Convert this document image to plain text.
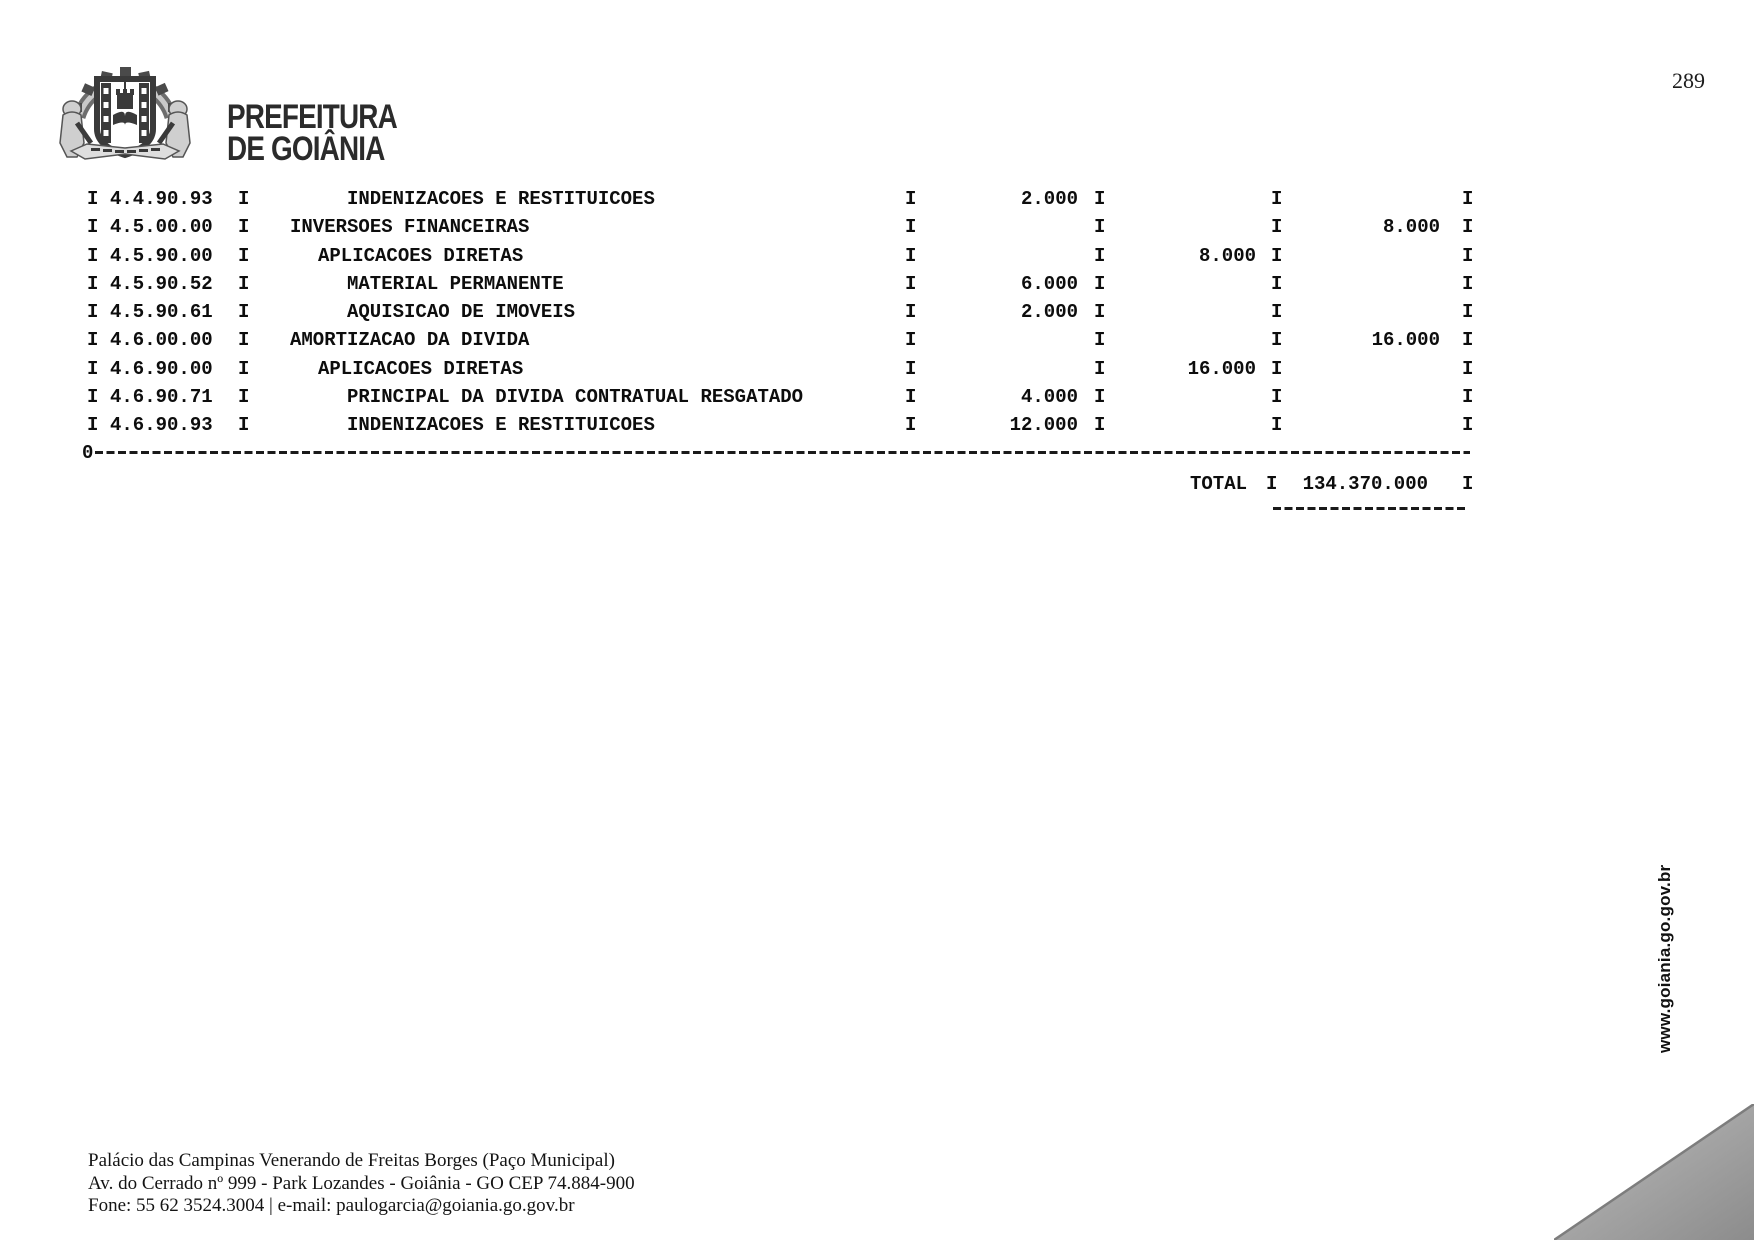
289
PREFEITURA
DE GOIÂNIA
I 4.4.90.93 I	INDENIZACOES E RESTITUICOES	I	2.000 I	I	I
I 4.5.00.00 I INVERSOES FINANCEIRAS	I	I	I	8.000 I
I 4.5.90.00 I	APLICACOES DIRETAS	I	I	8.000 I	I
I 4.5.90.52 I	MATERIAL PERMANENTE	I	6.000 I	I	I
I 4.5.90.61 I	AQUISICAO DE IMOVEIS	I	2.000 I	I	I
I 4.6.00.00 I AMORTIZACAO DA DIVIDA	I	I	I	16.000 I
I 4.6.90.00 I	APLICACOES DIRETAS	I	I	16.000 I	I
I 4.6.90.71 I	PRINCIPAL DA DIVIDA CONTRATUAL RESGATADO	I	4.000 I	I	I
I 4.6.90.93 I	INDENIZACOES E RESTITUICOES	I	12.000 I	I	I
0
TOTAL I	134.370.000 I
www.goiania.go.gov.br
Palácio das Campinas Venerando de Freitas Borges (Paço Municipal)
Av. do Cerrado nº 999 - Park Lozandes - Goiânia - GO CEP 74.884-900
Fone: 55 62 3524.3004 | e-mail: paulogarcia@goiania.go.gov.br
